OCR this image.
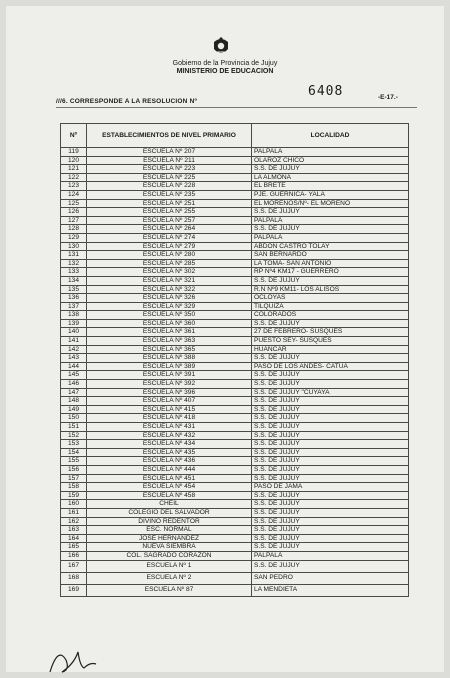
Gobierno de la Provincia de Jujuy
MINISTERIO DE EDUCACION
6408	-E-17.-
///6. CORRESPONDE A LA RESOLUCION Nº
Nº	ESTABLECIMIENTOS DE NIVEL PRIMARIO	LOCALIDAD
119	ESCUELA Nº 207	PALPALA
120	ESCUELA Nº 211	OLAROZ CHICO
121	ESCUELA Nº 223	S.S. DE JUJUY
122	ESCUELA Nº 225	LA ALMONA
123	ESCUELA Nº 228	EL BRETE
124	ESCUELA Nº 235	PJE. GUERNICA- YALA
125	ESCUELA Nº 251	EL MORENOS/Nº- EL MORENO
126	ESCUELA Nº 255	S.S. DE JUJUY
127	ESCUELA Nº 257	PALPALÁ
128	ESCUELA Nº 264	S.S. DE JUJUY
129	ESCUELA Nº 274	PALPALÁ
130	ESCUELA Nº 279	ABDON CASTRO TOLAY
131	ESCUELA Nº 280	SAN BERNARDO
132	ESCUELA Nº 285	LA TOMA- SAN ANTONIO
133	ESCUELA Nº 302	RP Nº4 KM17 - GUERRERO
134	ESCUELA Nº 321	S.S. DE JUJUY
135	ESCUELA Nº 322	R.N Nº9 KM11- LOS ALISOS
136	ESCUELA Nº 326	OCLOYAS
137	ESCUELA Nº 329	TILQUIZA
138	ESCUELA Nº 350	COLORADOS
139	ESCUELA Nº 360	S.S. DE JUJUY
140	ESCUELA Nº 361	27 DE FEBRERO- SUSQUES
141	ESCUELA Nº 363	PUESTO SEY- SUSQUES
142	ESCUELA Nº 365	HUÁNCAR
143	ESCUELA Nº 388	S.S. DE JUJUY
144	ESCUELA Nº 389	PASO DE LOS ANDES- CATUA
145	ESCUELA Nº 391	S.S. DE JUJUY
146	ESCUELA Nº 392	S.S. DE JUJUY
147	ESCUELA Nº 396	S.S. DE JUJUY "CUYAYA
148	ESCUELA Nº 407	S.S. DE JUJUY
149	ESCUELA Nº 415	S.S. DE JUJUY
150	ESCUELA Nº 418	S.S. DE JUJUY
151	ESCUELA Nº 431	S.S. DE JUJUY
152	ESCUELA Nº 432	S.S. DE JUJUY
153	ESCUELA Nº 434	S.S. DE JUJUY
154	ESCUELA Nº 435	S.S. DE JUJUY
155	ESCUELA Nº 436	S.S. DE JUJUY
156	ESCUELA Nº 444	S.S. DE JUJUY
157	ESCUELA Nº 451	S.S. DE JUJUY
158	ESCUELA Nº 454	PASO DE JAMA
159	ESCUELA Nº 458	S.S. DE JUJUY
160	CHEIL	S.S. DE JUJUY
161	COLEGIO DEL SALVADOR	S.S. DE JUJUY
162	DIVINO REDENTOR	S.S. DE JUJUY
163	ESC. NORMAL	S.S. DE JUJUY
164	JOSÉ HERNÁNDEZ	S.S. DE JUJUY
165	NUEVA SIEMBRA	S.S. DE JUJUY
166	COL. SAGRADO CORAZÓN	PALPALÁ
167	ESCUELA Nº 1	S.S. DE JUJUY
168	ESCUELA Nº 2	SAN PEDRO
169	ESCUELA Nº 87	LA MENDIETA
